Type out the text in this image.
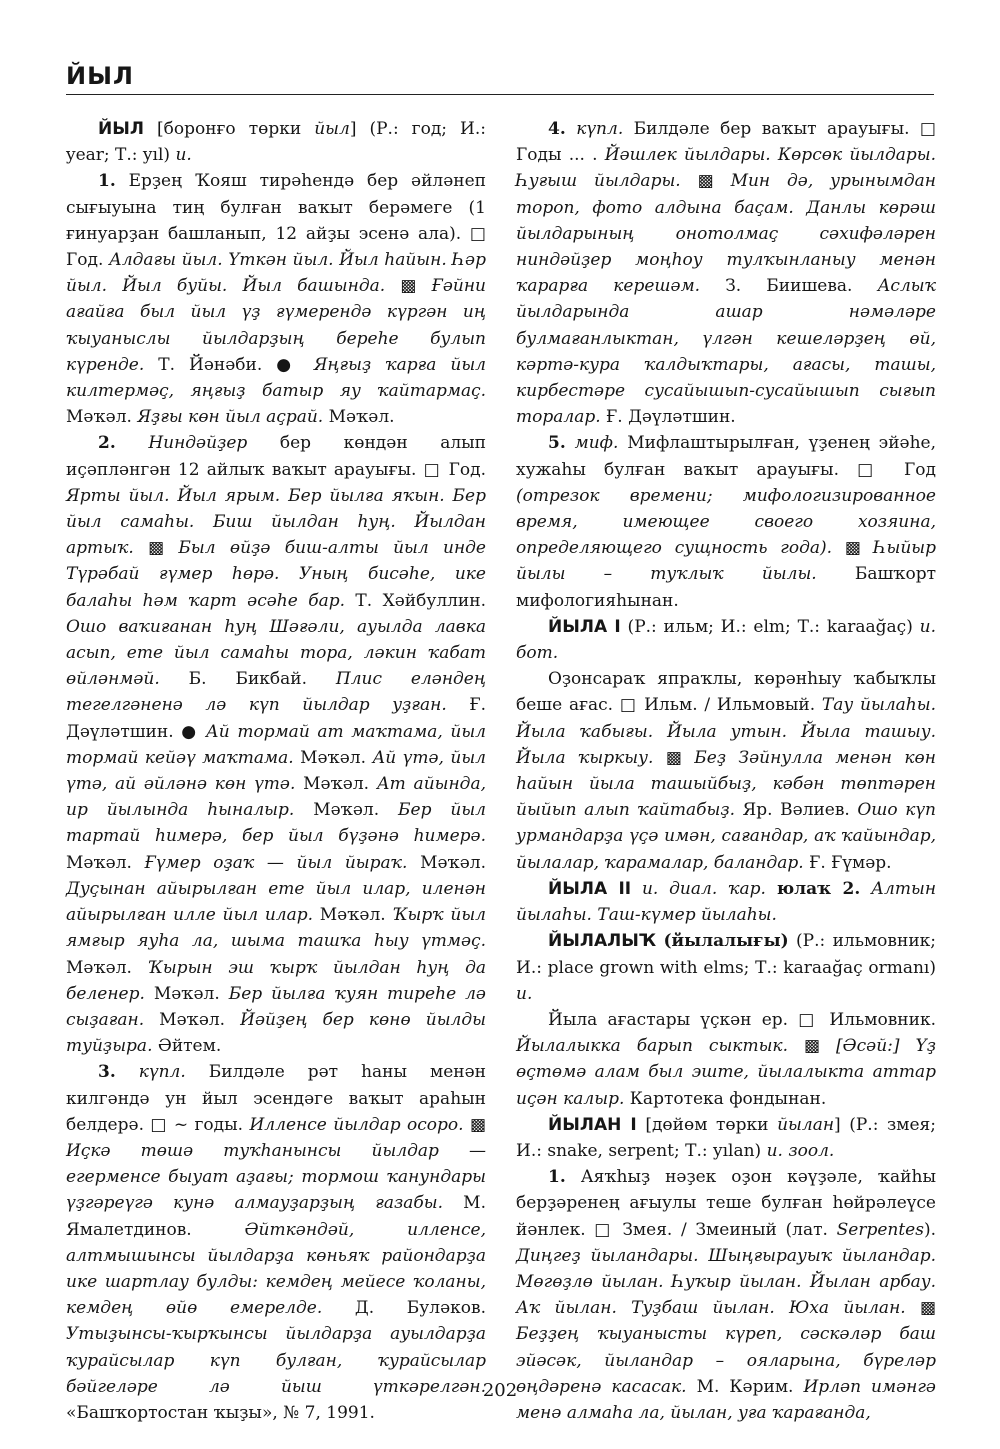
ЙЫЛ

ЙЫЛ [боронғо төрки йыл] (Р.: год; И.: year; Т.: yıl) и.

1. Ерҙең Ҡояш тирәһендә бер әйләнеп сығыуына тиң булған ваҡыт берәмеге (1 ғинуарҙан башланып, 12 айҙы эсенә ала). □ Год. Алдағы йыл. Үткән йыл. Йыл һайын. Һәр йыл. Йыл буйы. Йыл башында. ▩ Ғәйни ағайға был йыл үҙ ғүмерендә күргән иң ҡыуаныслы йылдарҙың береһе булып күренде. Т. Йәнәби. ● Яңғыҙ ҡарға йыл килтермәҫ, яңғыҙ батыр яу ҡайтармаҫ. Мәҡәл. Яҙғы көн йыл аҫрай. Мәҡәл.

2. Ниндәйҙер бер көндән алып иҫәпләнгән 12 айлыҡ ваҡыт арауығы. □ Год. Ярты йыл. Йыл ярым. Бер йылға яҡын. Бер йыл самаһы. Биш йылдан һуң. Йылдан артыҡ. ▩ Был өйҙә биш-алты йыл инде Түрәбай ғүмер һөрә. Уның бисәһе, ике балаһы һәм ҡарт әсәһе бар. Т. Хәйбуллин. Ошо ваҡиғанан һуң Шәғәли, ауылда лавка асып, ете йыл самаһы тора, ләкин ҡабат өйләнмәй. Б. Бикбай. Плис еләндең тегелгәненә лә күп йылдар уҙған. Ғ. Дәүләтшин. ● Ай тормай ат маҡтама, йыл тормай кейәү маҡтама. Мәҡәл. Ай үтә, йыл үтә, ай әйләнә көн үтә. Мәҡәл. Ат айында, ир йылында һыналыр. Мәҡәл. Бер йыл тартай һимерә, бер йыл бүҙәнә һимерә. Мәҡәл. Ғүмер оҙаҡ — йыл йыраҡ. Мәҡәл. Дуҫынан айырылған ете йыл илар, иленән айырылған илле йыл илар. Мәҡәл. Ҡырҡ йыл ямғыр яуһа ла, шыма ташҡа һыу үтмәҫ. Мәҡәл. Ҡырын эш ҡырҡ йылдан һуң да беленер. Мәҡәл. Бер йылға ҡуян тиреһе лә сыҙаған. Мәҡәл. Йәйҙең бер көнө йылды туйҙыра. Әйтем.

3. күпл. Билдәле рәт һаны менән килгәндә ун йыл эсендәге ваҡыт араһын белдерә. □ ~ годы. Илленсе йылдар осоро. ▩ Иҫкә төшә туҡһанынсы йылдар — егерменсе быуат аҙағы; тормош ҡанундары үҙгәреүгә кунә алмауҙарҙың ғазабы. М. Ямалетдинов. Әйткәндәй, илленсе, алтмышынсы йылдарҙа көньяҡ райондарҙа ике шартлау булды: кемдең мейесе ҡоланы, кемдең өйө емерелде. Д. Буләков. Утыҙынсы-ҡырҡынсы йылдарҙа ауылдарҙа ҡурайсылар күп булған, ҡурайсылар бәйгеләре лә йыш үткәрелгән. «Башҡортостан ҡыҙы», № 7, 1991.

4. күпл. Билдәле бер ваҡыт арауығы. □ Годы ... . Йәшлек йылдары. Көрсөк йылдары. Һуғыш йылдары. ▩ Мин дә, урынымдан тороп, фото алдына баҫам. Данлы көрәш йылдарының онотолмаҫ сәхифәләрен ниндәйҙер моңһоу тулҡынланыу менән ҡарарға керешәм. З. Биишева. Аслыҡ йылдарында ашар нәмәләре булмағанлыктан, үлгән кешеләрҙең өй, кәртә-кура ҡалдыҡтары, ағасы, ташы, кирбестәре сусайышып-сусайышып сығып торалар. Ғ. Дәүләтшин.

5. миф. Мифлаштырылған, үҙенең эйәһе, хужаһы булған ваҡыт арауығы. □ Год (отрезок времени; мифологизированное время, имеющее своего хозяина, определяющего сущность года). ▩ Һыйыр йылы – туҡлыҡ йылы. Башҡорт мифологияһынан.

ЙЫЛА I (Р.: ильм; И.: elm; Т.: karaağaç) и. бот.

Оҙонсараҡ япраҡлы, көрәнһыу ҡабыҡлы беше ағас. □ Ильм. / Ильмовый. Тау йылаһы. Йыла ҡабығы. Йыла утын. Йыла ташыу. Йыла ҡыркыу. ▩ Беҙ Зәйнулла менән көн һайын йыла ташыйбыҙ, кәбән төптәрен йыйып алып ҡайтабыҙ. Яр. Вәлиев. Ошо күп урмандарҙа үҫә имән, сағандар, аҡ ҡайындар, йылалар, ҡарамалар, баландар. Ғ. Ғүмәр.

ЙЫЛА II и. диал. ҡар. юлаҡ 2. Алтын йылаһы. Таш-күмер йылаһы.

ЙЫЛАЛЫҠ (йылалығы) (Р.: ильмовник; И.: place grown with elms; Т.: karaağaç ormanı) и.

Йыла ағастары үҫкән ер. □ Ильмовник. Йылалыкка барып сыктык. ▩ [Әсәй:] Үҙ өҫтөмә алам был эште, йылалыкта аттар иҫән калыр. Картотека фондынан.

ЙЫЛАН I [дөйөм төрки йылан] (Р.: змея; И.: snake, serpent; Т.: yılan) и. зоол.

1. Аяҡһыҙ нәҙек оҙон кәүҙәле, ҡайһы берҙәренең ағыулы теше булған һөйрәлеүсе йәнлек. □ Змея. / Змеиный (лат. Serpentes). Диңгеҙ йыландары. Шыңғырауыҡ йыландар. Мөгөҙлө йылан. Һуҡыр йылан. Йылан арбау. Аҡ йылан. Туҙбаш йылан. Юха йылан. ▩ Беҙҙең ҡыуанысты күреп, сәскәләр баш эйәсәк, йыландар – ояларына, бүреләр өңдәренә касасак. М. Кәрим. Ирләп имәнгә менә алмаһа ла, йылан, уға ҡарағанда,

202
